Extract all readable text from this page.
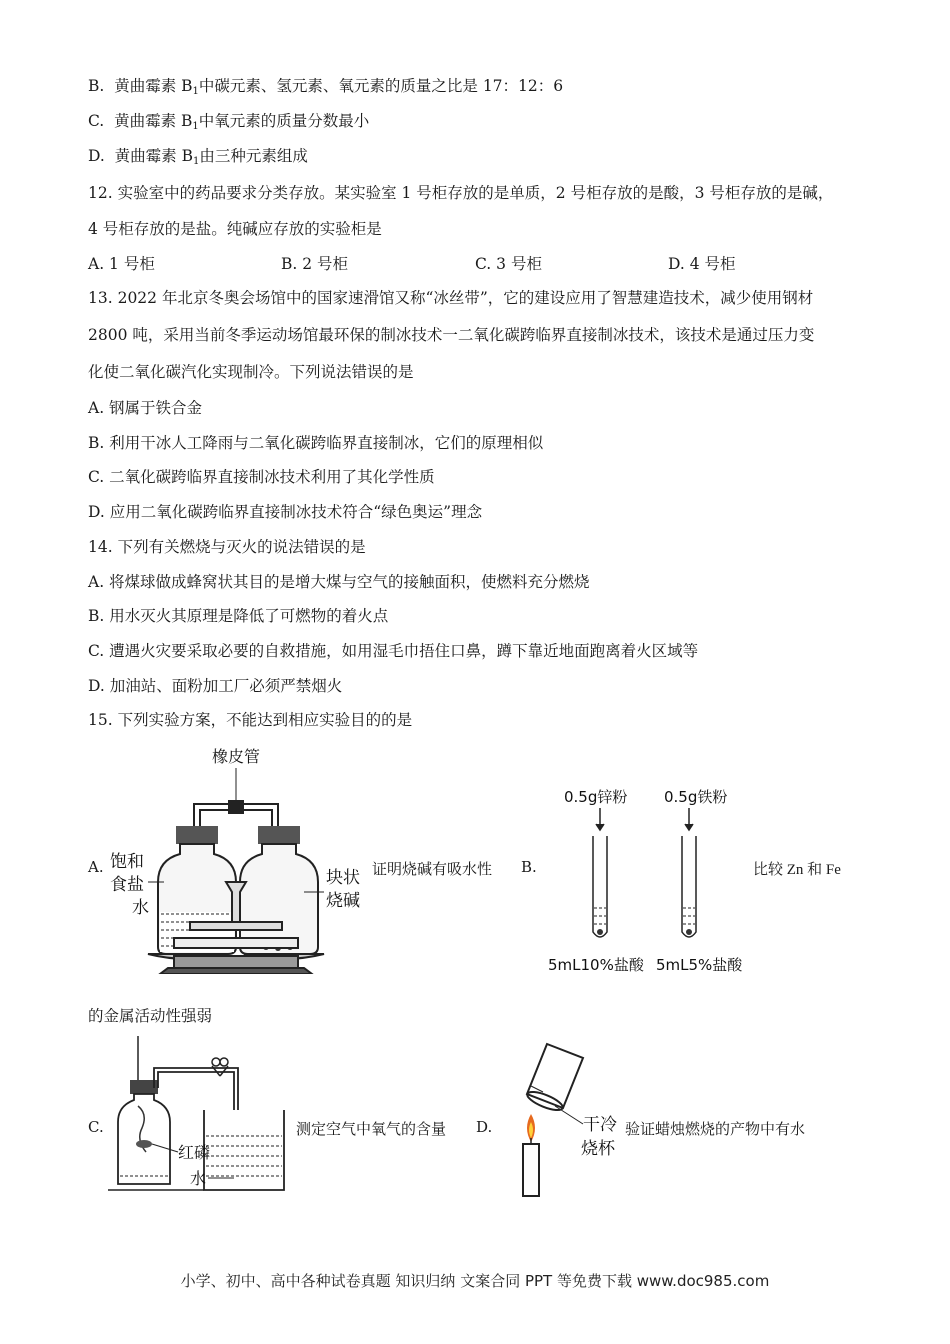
B. 黄曲霉素 $B_1$中碳元素、氢元素、氧元素的质量之比是 17：12：6
C. 黄曲霉素 $B_1$中氧元素的质量分数最小
D. 黄曲霉素 $B_1$由三种元素组成
12. 实验室中的药品要求分类存放。某实验室 1 号柜存放的是单质，2 号柜存放的是酸，3 号柜存放的是碱，
4 号柜存放的是盐。纯碱应存放的实验柜是
A. 1 号柜	B. 2 号柜	C. 3 号柜	D. 4 号柜
13. 2022 年北京冬奥会场馆中的国家速滑馆又称“冰丝带”，它的建设应用了智慧建造技术，减少使用钢材
2800 吨，采用当前冬季运动场馆最环保的制冰技术一二氧化碳跨临界直接制冰技术，该技术是通过压力变
化使二氧化碳汽化实现制冷。下列说法错误的是
A. 钢属于铁合金
B. 利用干冰人工降雨与二氧化碳跨临界直接制冰，它们的原理相似
C. 二氧化碳跨临界直接制冰技术利用了其化学性质
D. 应用二氧化碳跨临界直接制冰技术符合“绿色奥运”理念
14. 下列有关燃烧与灭火的说法错误的是
A. 将煤球做成蜂窝状其目的是增大煤与空气的接触面积，使燃料充分燃烧
B. 用水灭火其原理是降低了可燃物的着火点
C. 遭遇火灾要采取必要的自救措施，如用湿毛巾捂住口鼻，蹲下靠近地面跑离着火区域等
D. 加油站、面粉加工厂必须严禁烟火
15. 下列实验方案，不能达到相应实验目的的是
A.
橡皮管
饱和
食盐
水
块状
烧碱
证明烧碱有吸水性 B.
0.5g锌粉 0.5g铁粉
5mL10%盐酸 5mL5%盐酸
比较 Zn 和 Fe
的金属活动性强弱
C.
红磷
水
测定空气中氧气的含量 D.	干冷
烧杯
验证蜡烛燃烧的产物中有水
小学、初中、高中各种试卷真题 知识归纳 文案合同 PPT 等免费下载 www.doc985.com
